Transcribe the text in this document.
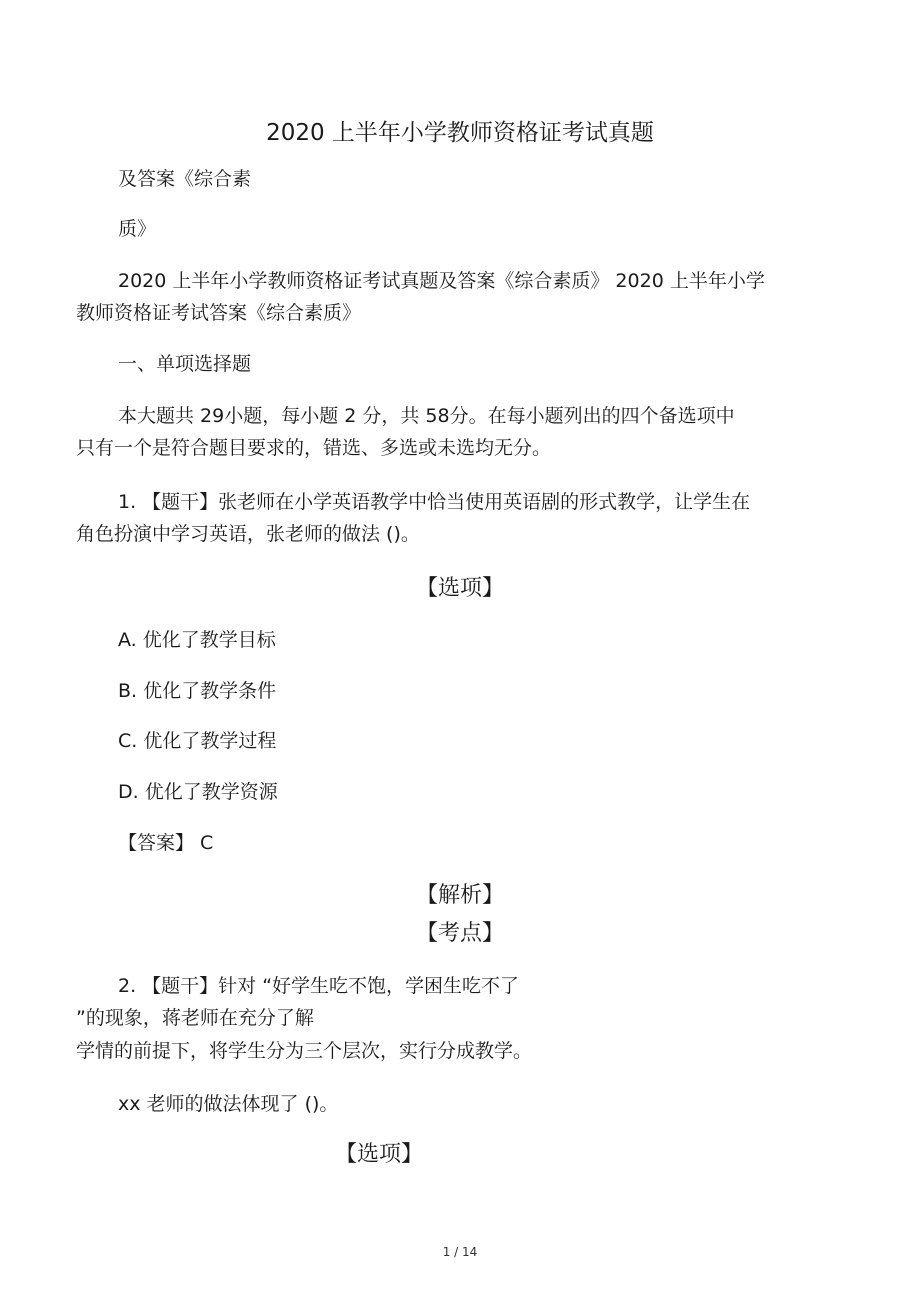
2020 上半年小学教师资格证考试真题
及答案《综合素
质》
2020 上半年小学教师资格证考试真题及答案《综合素质》 2020 上半年小学
教师资格证考试答案《综合素质》
一、单项选择题
本大题共 29小题，每小题 2 分，共 58分。在每小题列出的四个备选项中
只有一个是符合题目要求的，错选、多选或未选均无分。
1. 【题干】张老师在小学英语教学中恰当使用英语剧的形式教学，让学生在
角色扮演中学习英语，张老师的做法 ()。
【选项】
A. 优化了教学目标
B. 优化了教学条件
C. 优化了教学过程
D. 优化了教学资源
【答案】 C
【解析】
【考点】
2. 【题干】针对 “好学生吃不饱，学困生吃不了
”的现象，蒋老师在充分了解
学情的前提下，将学生分为三个层次，实行分成教学。
xx 老师的做法体现了 ()。
【选项】
1 / 14
